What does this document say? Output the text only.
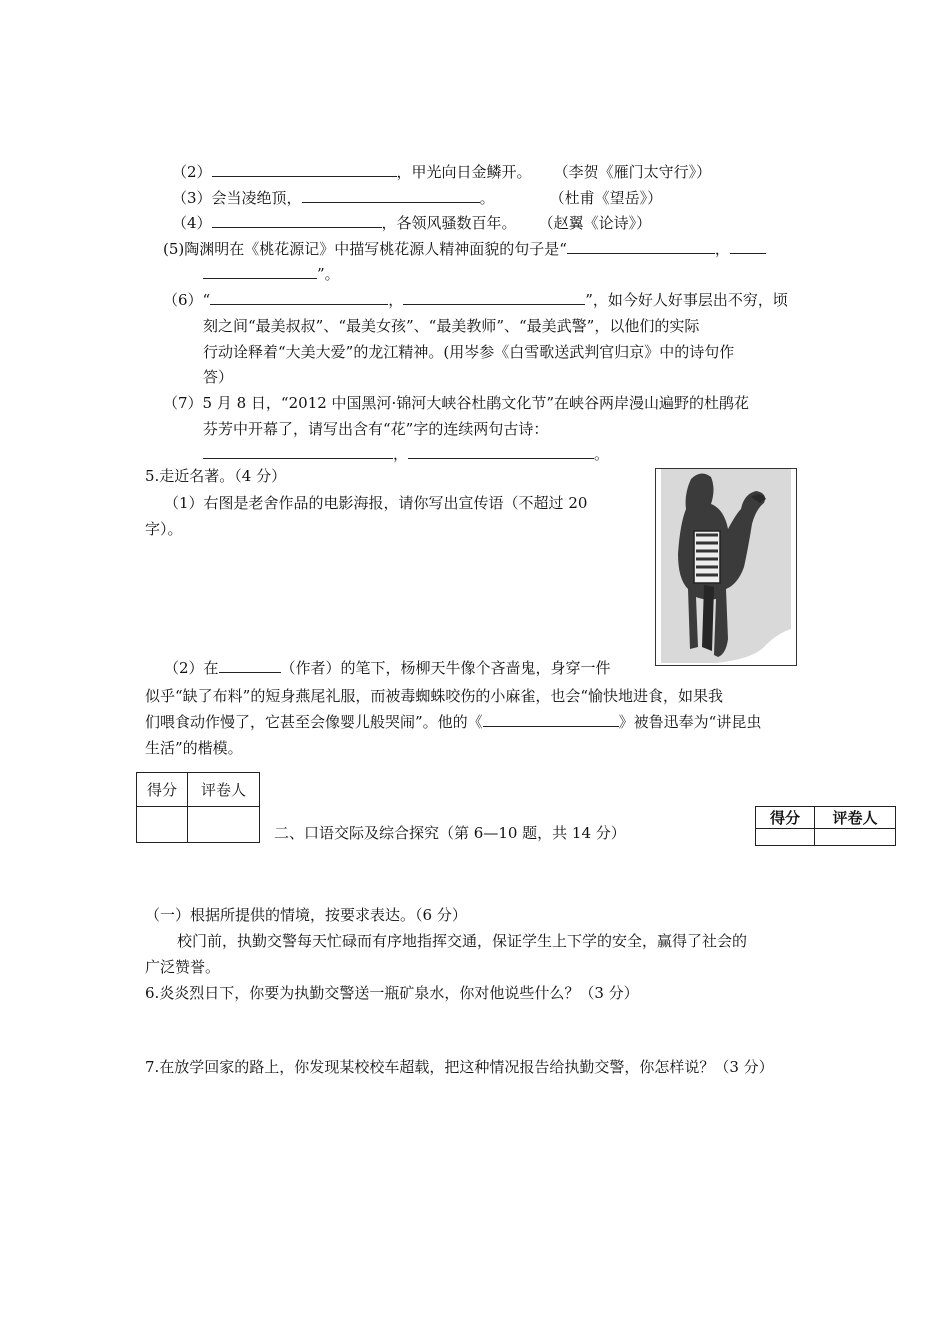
（2）	，甲光向日金鳞开。 （李贺《雁门太守行》）
（3）会当凌绝顶，	。	（杜甫《望岳》）
（4）	，各领风骚数百年。 （赵翼《论诗》）
(5)陶渊明在《桃花源记》中描写桃花源人精神面貌的句子是“	，
”。
（6）“	，	”，如今好人好事层出不穷，顷
刻之间“最美叔叔”、“最美女孩”、“最美教师”、“最美武警”，以他们的实际
行动诠释着“大美大爱”的龙江精神。(用岑参《白雪歌送武判官归京》中的诗句作
答）
（7）5 月 8 日，“2012 中国黑河·锦河大峡谷杜鹃文化节”在峡谷两岸漫山遍野的杜鹃花
芬芳中开幕了，请写出含有“花”字的连续两句古诗：
，	。
5.走近名著。（4 分）
（1）右图是老舍作品的电影海报，请你写出宣传语（不超过 20
字）。
（2）在	（作者）的笔下，杨柳天牛像个吝啬鬼，身穿一件
似乎“缺了布料”的短身燕尾礼服，而被毒蜘蛛咬伤的小麻雀，也会“愉快地进食，如果我
们喂食动作慢了，它甚至会像婴儿般哭闹”。他的《	》被鲁迅奉为“讲昆虫
生活”的楷模。
得分	评卷人

二、口语交际及综合探究（第 6—10 题，共 14 分）
得分	评卷人

（一）根据所提供的情境，按要求表达。（6 分）
校门前，执勤交警每天忙碌而有序地指挥交通，保证学生上下学的安全，赢得了社会的
广泛赞誉。
6.炎炎烈日下，你要为执勤交警送一瓶矿泉水，你对他说些什么？（3 分）
7.在放学回家的路上，你发现某校校车超载，把这种情况报告给执勤交警，你怎样说？（3 分）
